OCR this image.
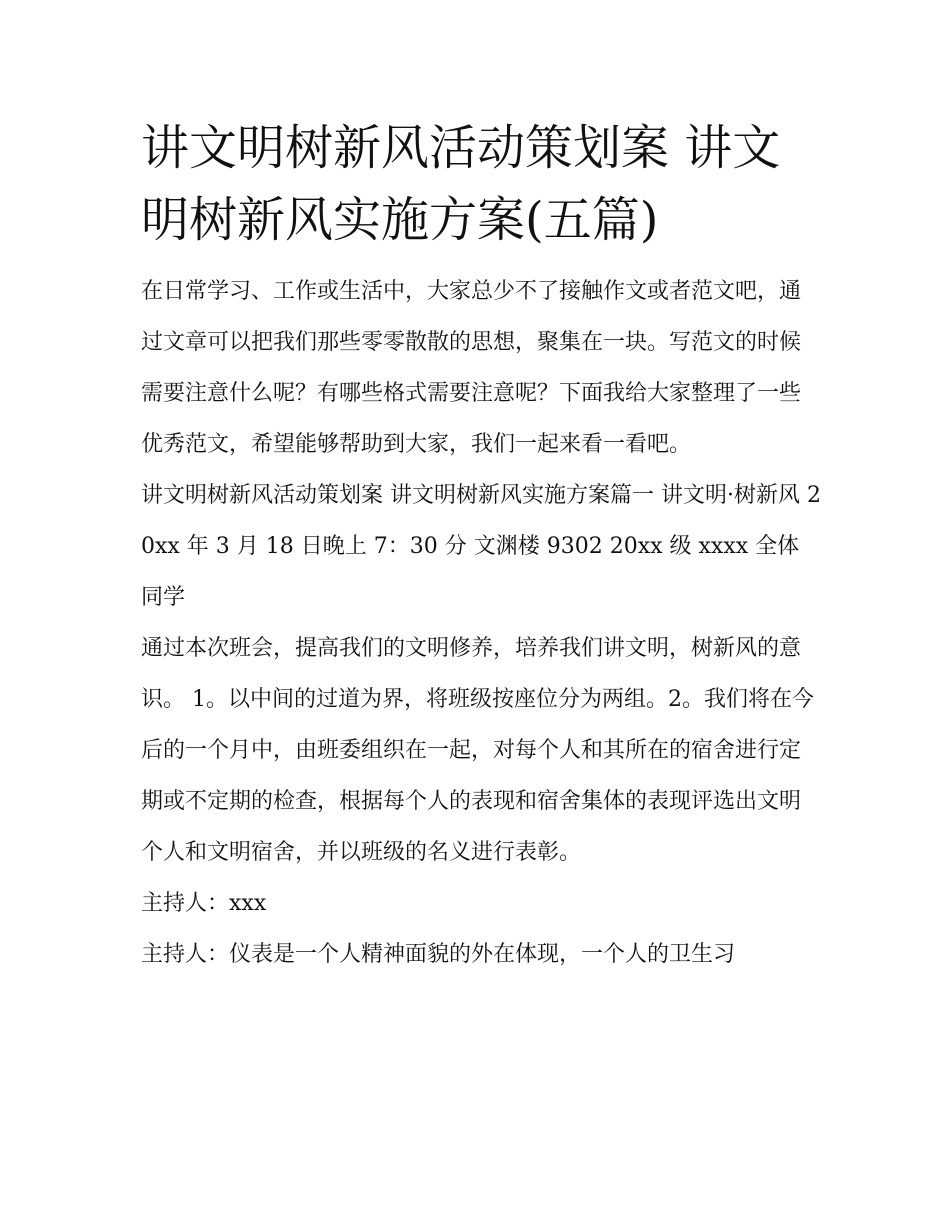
讲文明树新风活动策划案 讲文明树新风实施方案(五篇)

在日常学习、工作或生活中，大家总少不了接触作文或者范文吧，通过文章可以把我们那些零零散散的思想，聚集在一块。写范文的时候需要注意什么呢？有哪些格式需要注意呢？下面我给大家整理了一些优秀范文，希望能够帮助到大家，我们一起来看一看吧。

讲文明树新风活动策划案 讲文明树新风实施方案篇一 讲文明·树新风 20xx 年 3 月 18 日晚上 7：30 分 文渊楼 9302 20xx 级 xxxx 全体同学

通过本次班会，提高我们的文明修养，培养我们讲文明，树新风的意识。 1。以中间的过道为界，将班级按座位分为两组。2。我们将在今后的一个月中，由班委组织在一起，对每个人和其所在的宿舍进行定期或不定期的检查，根据每个人的表现和宿舍集体的表现评选出文明个人和文明宿舍，并以班级的名义进行表彰。

主持人：xxx

主持人：仪表是一个人精神面貌的外在体现，一个人的卫生习
